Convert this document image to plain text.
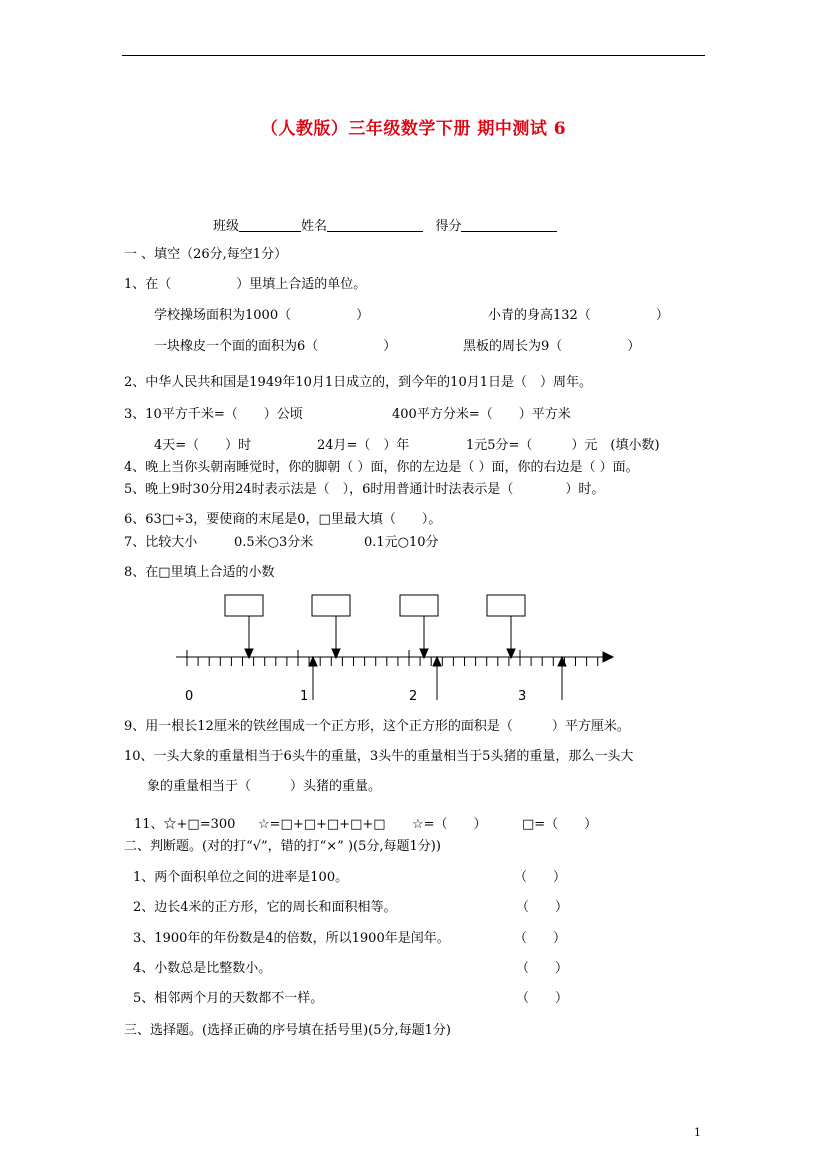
（人教版）三年级数学下册 期中测试 6
班级	姓名	得分
一 、填空（26分,每空1分）
1、在（　　　　　）里填上合适的单位。
学校操场面积为1000（　　　　　）	小青的身高132（　　　　　）
一块橡皮一个面的面积为6（　　　　　）	黑板的周长为9（　　　　　）
2、中华人民共和国是1949年10月1日成立的，到今年的10月1日是（　）周年。
3、10平方千米=（　　）公顷	400平方分米=（　　）平方米
4天=（　　）时	24月=（　）年	1元5分=（　　　）元　(填小数)
4、晚上当你头朝南睡觉时，你的脚朝（ ）面，你的左边是（ ）面，你的右边是（ ）面。
5、晚上9时30分用24时表示法是（　），6时用普通计时法表示是（　　　　）时。
6、63□÷3，要使商的末尾是0，□里最大填（　　）。
7、比较大小	0.5米○3分米	0.1元○10分
8、在□里填上合适的小数
0	1	2	3
9、用一根长12厘米的铁丝围成一个正方形，这个正方形的面积是（　　　）平方厘米。
10、一头大象的重量相当于6头牛的重量，3头牛的重量相当于5头猪的重量，那么一头大
象的重量相当于（　　　）头猪的重量。
11、☆+□=300 ☆=□+□+□+□+□ ☆=（　　）	□=（　　）
二、判断题。(对的打“√”，错的打“×” )(5分,每题1分))
1、两个面积单位之间的进率是100。	（　　）
2、边长4米的正方形，它的周长和面积相等。	（　　）
3、1900年的年份数是4的倍数，所以1900年是闰年。	（　　）
4、小数总是比整数小。	（　　）
5、相邻两个月的天数都不一样。	（　　）
三、选择题。(选择正确的序号填在括号里)(5分,每题1分)
1
